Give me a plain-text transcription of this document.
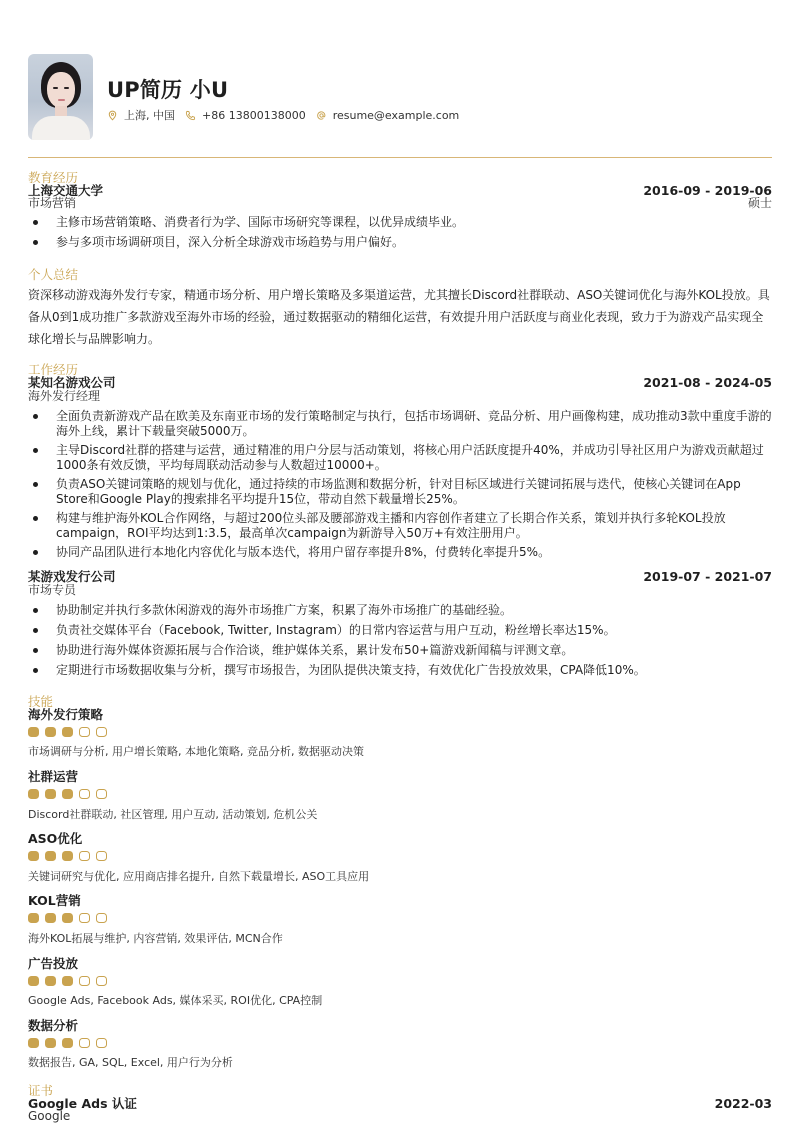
UP简历 小U
上海, 中国 +86 13800138000 resume@example.com
教育经历
上海交通大学	2016-09 - 2019-06
市场营销	硕士
主修市场营销策略、消费者行为学、国际市场研究等课程，以优异成绩毕业。
参与多项市场调研项目，深入分析全球游戏市场趋势与用户偏好。
个人总结
资深移动游戏海外发行专家，精通市场分析、用户增长策略及多渠道运营，尤其擅长Discord社群联动、ASO关键词优化与海外KOL投放。具备从0到1成功推广多款游戏至海外市场的经验，通过数据驱动的精细化运营，有效提升用户活跃度与商业化表现，致力于为游戏产品实现全球化增长与品牌影响力。
工作经历
某知名游戏公司	2021-08 - 2024-05
海外发行经理
全面负责新游戏产品在欧美及东南亚市场的发行策略制定与执行，包括市场调研、竞品分析、用户画像构建，成功推动3款中重度手游的海外上线，累计下载量突破5000万。
主导Discord社群的搭建与运营，通过精准的用户分层与活动策划，将核心用户活跃度提升40%，并成功引导社区用户为游戏贡献超过1000条有效反馈，平均每周联动活动参与人数超过10000+。
负责ASO关键词策略的规划与优化，通过持续的市场监测和数据分析，针对目标区域进行关键词拓展与迭代，使核心关键词在App Store和Google Play的搜索排名平均提升15位，带动自然下载量增长25%。
构建与维护海外KOL合作网络，与超过200位头部及腰部游戏主播和内容创作者建立了长期合作关系，策划并执行多轮KOL投放campaign，ROI平均达到1:3.5，最高单次campaign为新游导入50万+有效注册用户。
协同产品团队进行本地化内容优化与版本迭代，将用户留存率提升8%，付费转化率提升5%。
某游戏发行公司	2019-07 - 2021-07
市场专员
协助制定并执行多款休闲游戏的海外市场推广方案，积累了海外市场推广的基础经验。
负责社交媒体平台（Facebook, Twitter, Instagram）的日常内容运营与用户互动，粉丝增长率达15%。
协助进行海外媒体资源拓展与合作洽谈，维护媒体关系，累计发布50+篇游戏新闻稿与评测文章。
定期进行市场数据收集与分析，撰写市场报告，为团队提供决策支持，有效优化广告投放效果，CPA降低10%。
技能
海外发行策略
市场调研与分析, 用户增长策略, 本地化策略, 竞品分析, 数据驱动决策
社群运营
Discord社群联动, 社区管理, 用户互动, 活动策划, 危机公关
ASO优化
关键词研究与优化, 应用商店排名提升, 自然下载量增长, ASO工具应用
KOL营销
海外KOL拓展与维护, 内容营销, 效果评估, MCN合作
广告投放
Google Ads, Facebook Ads, 媒体采买, ROI优化, CPA控制
数据分析
数据报告, GA, SQL, Excel, 用户行为分析
证书
Google Ads 认证	2022-03
Google
